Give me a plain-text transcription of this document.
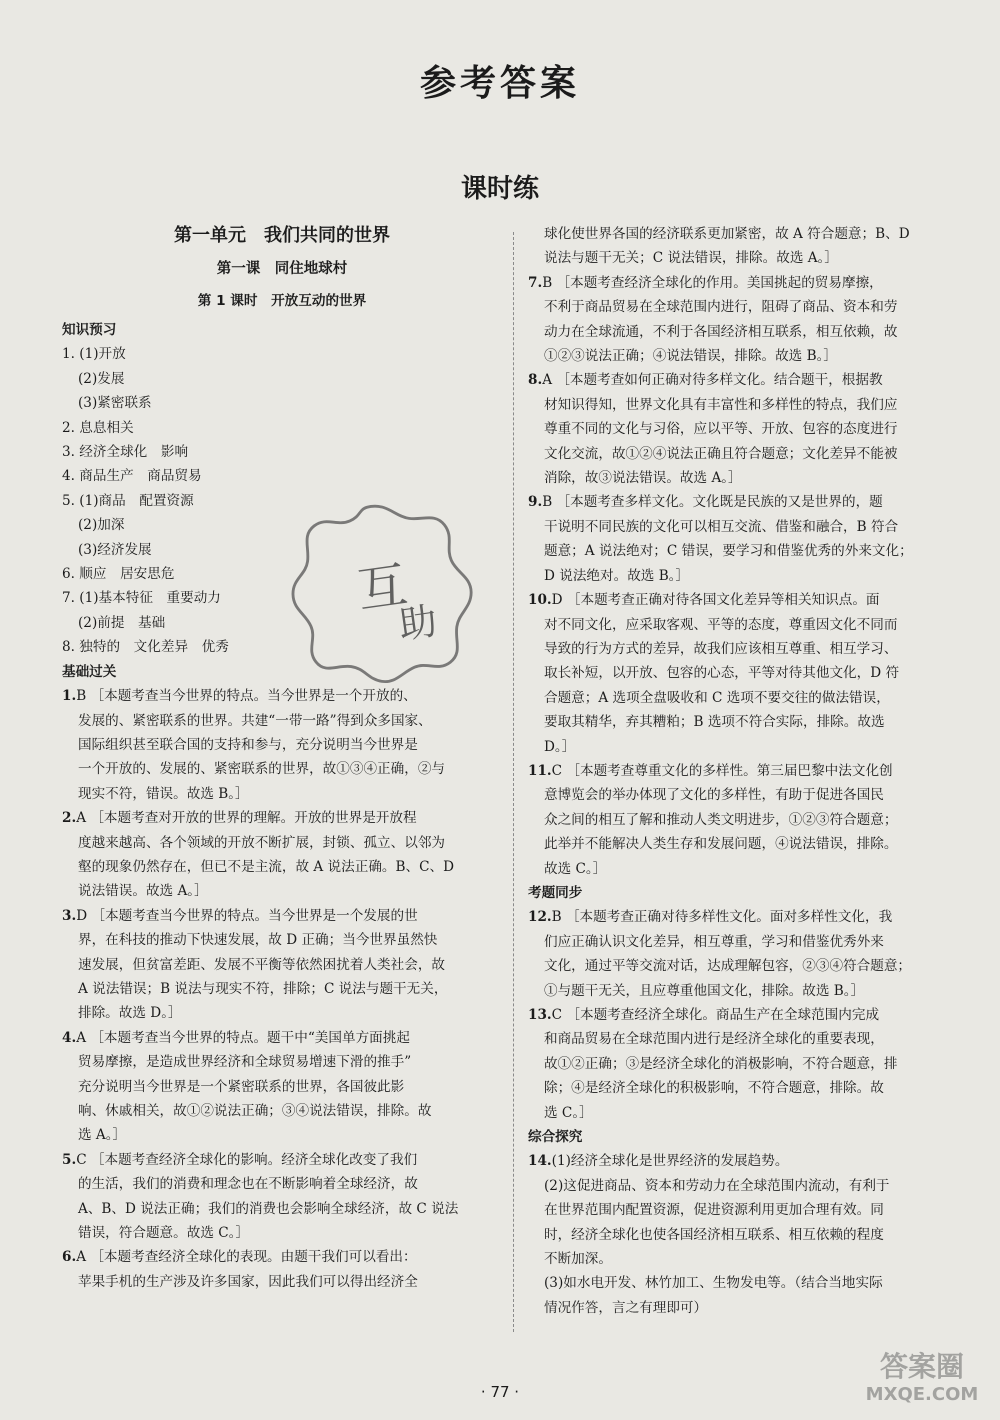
参考答案
课时练
第一单元　我们共同的世界
第一课　同住地球村
第 1 课时　开放互动的世界
知识预习
1. (1)开放
(2)发展
(3)紧密联系
2. 息息相关
3. 经济全球化　影响
4. 商品生产　商品贸易
5. (1)商品　配置资源
(2)加深
(3)经济发展
6. 顺应　居安思危
7. (1)基本特征　重要动力
(2)前提　基础
8. 独特的　文化差异　优秀
基础过关
1.B ［本题考查当今世界的特点。当今世界是一个开放的、
发展的、紧密联系的世界。共建“一带一路”得到众多国家、
国际组织甚至联合国的支持和参与，充分说明当今世界是
一个开放的、发展的、紧密联系的世界，故①③④正确，②与
现实不符，错误。故选 B。］
2.A ［本题考查对开放的世界的理解。开放的世界是开放程
度越来越高、各个领域的开放不断扩展，封锁、孤立、以邻为
壑的现象仍然存在，但已不是主流，故 A 说法正确。B、C、D
说法错误。故选 A。］
3.D ［本题考查当今世界的特点。当今世界是一个发展的世
界，在科技的推动下快速发展，故 D 正确；当今世界虽然快
速发展，但贫富差距、发展不平衡等依然困扰着人类社会，故
A 说法错误；B 说法与现实不符，排除；C 说法与题干无关，
排除。故选 D。］
4.A ［本题考查当今世界的特点。题干中“美国单方面挑起
贸易摩擦，是造成世界经济和全球贸易增速下滑的推手”
充分说明当今世界是一个紧密联系的世界，各国彼此影
响、休戚相关，故①②说法正确；③④说法错误，排除。故
选 A。］
5.C ［本题考查经济全球化的影响。经济全球化改变了我们
的生活，我们的消费和理念也在不断影响着全球经济，故
A、B、D 说法正确；我们的消费也会影响全球经济，故 C 说法
错误，符合题意。故选 C。］
6.A ［本题考查经济全球化的表现。由题干我们可以看出：
苹果手机的生产涉及许多国家，因此我们可以得出经济全
球化使世界各国的经济联系更加紧密，故 A 符合题意；B、D
说法与题干无关；C 说法错误，排除。故选 A。］
7.B ［本题考查经济全球化的作用。美国挑起的贸易摩擦，
不利于商品贸易在全球范围内进行，阻碍了商品、资本和劳
动力在全球流通，不利于各国经济相互联系，相互依赖，故
①②③说法正确；④说法错误，排除。故选 B。］
8.A ［本题考查如何正确对待多样文化。结合题干，根据教
材知识得知，世界文化具有丰富性和多样性的特点，我们应
尊重不同的文化与习俗，应以平等、开放、包容的态度进行
文化交流，故①②④说法正确且符合题意；文化差异不能被
消除，故③说法错误。故选 A。］
9.B ［本题考查多样文化。文化既是民族的又是世界的，题
干说明不同民族的文化可以相互交流、借鉴和融合，B 符合
题意；A 说法绝对；C 错误，要学习和借鉴优秀的外来文化；
D 说法绝对。故选 B。］
10.D ［本题考查正确对待各国文化差异等相关知识点。面
对不同文化，应采取客观、平等的态度，尊重因文化不同而
导致的行为方式的差异，故我们应该相互尊重、相互学习、
取长补短，以开放、包容的心态，平等对待其他文化，D 符
合题意；A 选项全盘吸收和 C 选项不要交往的做法错误，
要取其精华，弃其糟粕；B 选项不符合实际，排除。故选
D。］
11.C ［本题考查尊重文化的多样性。第三届巴黎中法文化创
意博览会的举办体现了文化的多样性，有助于促进各国民
众之间的相互了解和推动人类文明进步，①②③符合题意；
此举并不能解决人类生存和发展问题，④说法错误，排除。
故选 C。］
考题同步
12.B ［本题考查正确对待多样性文化。面对多样性文化，我
们应正确认识文化差异，相互尊重，学习和借鉴优秀外来
文化，通过平等交流对话，达成理解包容，②③④符合题意；
①与题干无关，且应尊重他国文化，排除。故选 B。］
13.C ［本题考查经济全球化。商品生产在全球范围内完成
和商品贸易在全球范围内进行是经济全球化的重要表现，
故①②正确；③是经济全球化的消极影响，不符合题意，排
除；④是经济全球化的积极影响，不符合题意，排除。故
选 C。］
综合探究
14.(1)经济全球化是世界经济的发展趋势。
(2)这促进商品、资本和劳动力在全球范围内流动，有利于
在世界范围内配置资源，促进资源利用更加合理有效。同
时，经济全球化也使各国经济相互联系、相互依赖的程度
不断加深。
(3)如水电开发、林竹加工、生物发电等。（结合当地实际
情况作答，言之有理即可）
互
助
答案圈
MXQE.COM
· 77 ·
